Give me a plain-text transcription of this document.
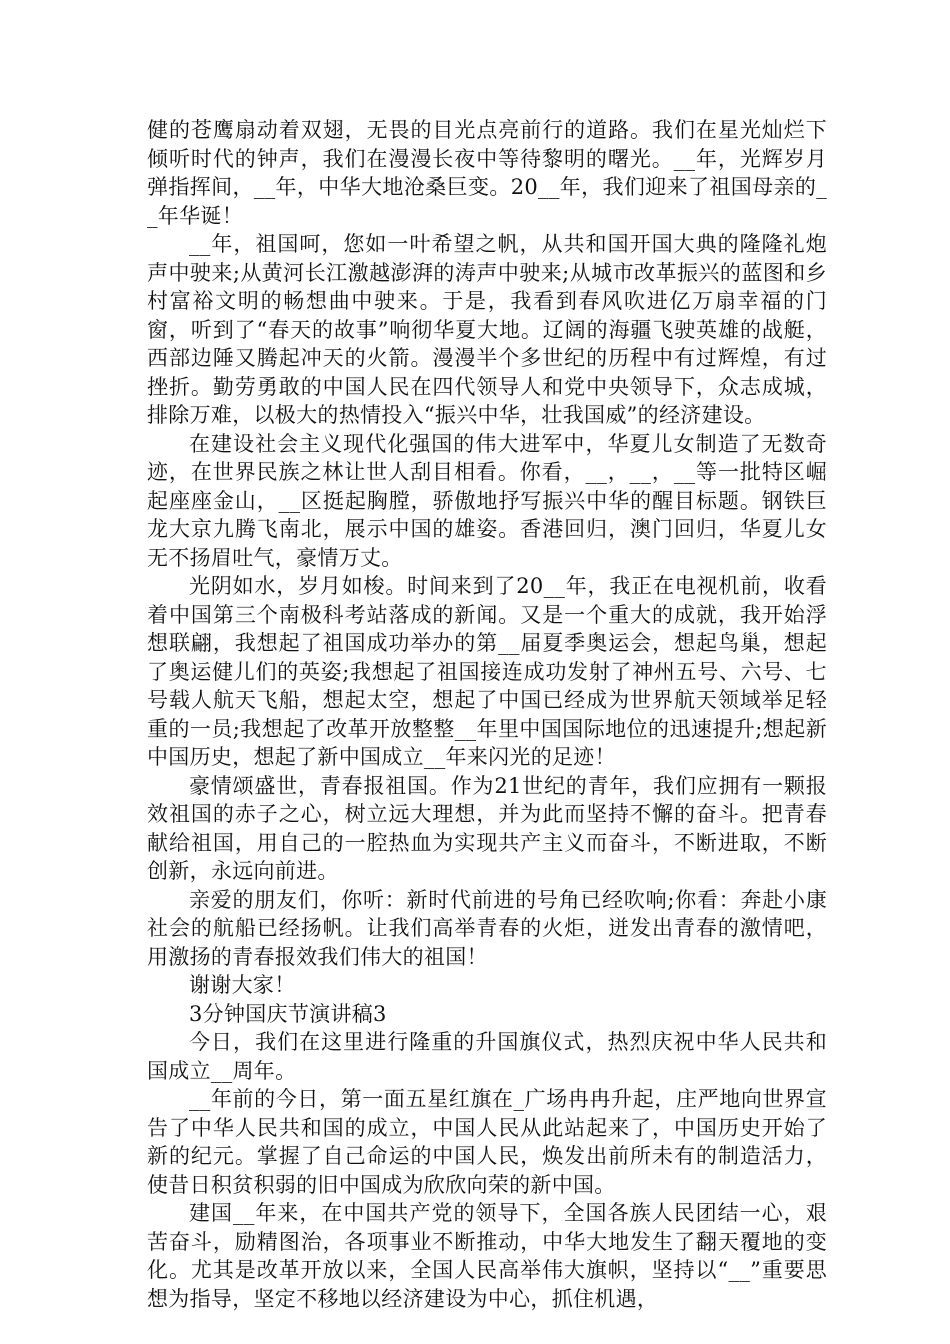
健的苍鹰扇动着双翅，无畏的目光点亮前行的道路。我们在星光灿烂下倾听时代的钟声，我们在漫漫长夜中等待黎明的曙光。__年，光辉岁月弹指挥间，__年，中华大地沧桑巨变。20__年，我们迎来了祖国母亲的__年华诞！

__年，祖国呵，您如一叶希望之帆，从共和国开国大典的隆隆礼炮声中驶来;从黄河长江激越澎湃的涛声中驶来;从城市改革振兴的蓝图和乡村富裕文明的畅想曲中驶来。于是，我看到春风吹进亿万扇幸福的门窗，听到了“春天的故事”响彻华夏大地。辽阔的海疆飞驶英雄的战艇，西部边陲又腾起冲天的火箭。漫漫半个多世纪的历程中有过辉煌，有过挫折。勤劳勇敢的中国人民在四代领导人和党中央领导下，众志成城，排除万难，以极大的热情投入“振兴中华，壮我国威”的经济建设。

在建设社会主义现代化强国的伟大进军中，华夏儿女制造了无数奇迹，在世界民族之林让世人刮目相看。你看，__，__，__等一批特区崛起座座金山，__区挺起胸膛，骄傲地抒写振兴中华的醒目标题。钢铁巨龙大京九腾飞南北，展示中国的雄姿。香港回归，澳门回归，华夏儿女无不扬眉吐气，豪情万丈。

光阴如水，岁月如梭。时间来到了20__年，我正在电视机前，收看着中国第三个南极科考站落成的新闻。又是一个重大的成就，我开始浮想联翩，我想起了祖国成功举办的第__届夏季奥运会，想起鸟巢，想起了奥运健儿们的英姿;我想起了祖国接连成功发射了神州五号、六号、七号载人航天飞船，想起太空，想起了中国已经成为世界航天领域举足轻重的一员;我想起了改革开放整整__年里中国国际地位的迅速提升;想起新中国历史，想起了新中国成立__年来闪光的足迹！

豪情颂盛世，青春报祖国。作为21世纪的青年，我们应拥有一颗报效祖国的赤子之心，树立远大理想，并为此而坚持不懈的奋斗。把青春献给祖国，用自己的一腔热血为实现共产主义而奋斗，不断进取，不断创新，永远向前进。

亲爱的朋友们，你听：新时代前进的号角已经吹响;你看：奔赴小康社会的航船已经扬帆。让我们高举青春的火炬，迸发出青春的激情吧，用激扬的青春报效我们伟大的祖国！

谢谢大家！

3分钟国庆节演讲稿3

今日，我们在这里进行隆重的升国旗仪式，热烈庆祝中华人民共和国成立__周年。

__年前的今日，第一面五星红旗在_广场冉冉升起，庄严地向世界宣告了中华人民共和国的成立，中国人民从此站起来了，中国历史开始了新的纪元。掌握了自己命运的中国人民，焕发出前所未有的制造活力，使昔日积贫积弱的旧中国成为欣欣向荣的新中国。

建国__年来，在中国共产党的领导下，全国各族人民团结一心，艰苦奋斗，励精图治，各项事业不断推动，中华大地发生了翻天覆地的变化。尤其是改革开放以来，全国人民高举伟大旗帜，坚持以“__”重要思想为指导，坚定不移地以经济建设为中心，抓住机遇，
